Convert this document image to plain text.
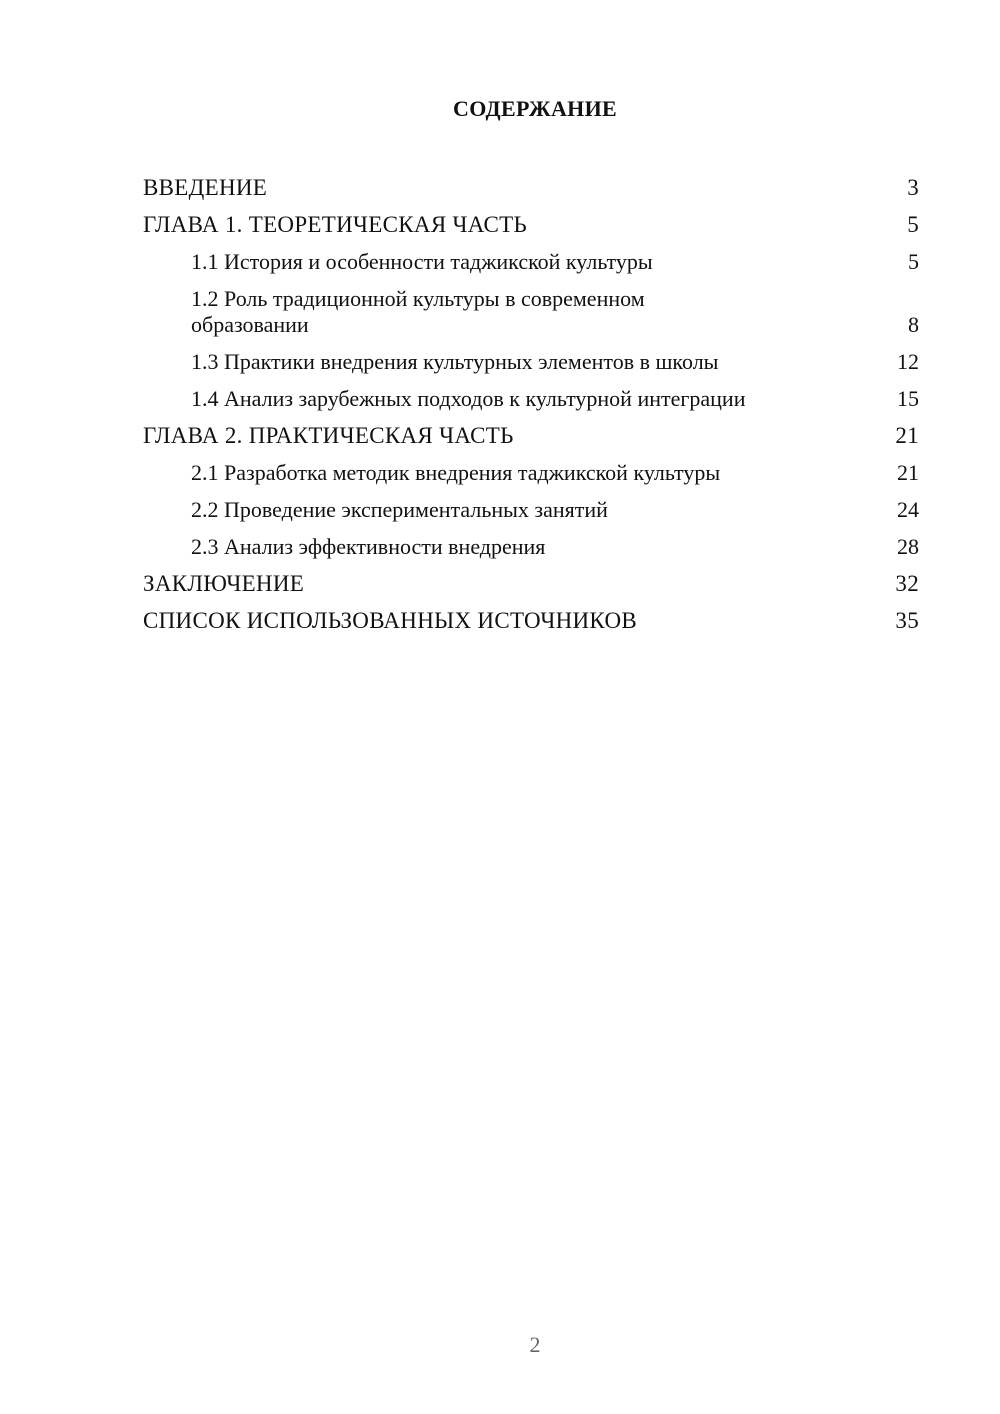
СОДЕРЖАНИЕ
ВВЕДЕНИЕ	3
ГЛАВА 1. ТЕОРЕТИЧЕСКАЯ ЧАСТЬ	5
1.1 История и особенности таджикской культуры	5
1.2 Роль традиционной культуры в современном образовании	8
1.3 Практики внедрения культурных элементов в школы	12
1.4 Анализ зарубежных подходов к культурной интеграции	15
ГЛАВА 2. ПРАКТИЧЕСКАЯ ЧАСТЬ	21
2.1 Разработка методик внедрения таджикской культуры	21
2.2 Проведение экспериментальных занятий	24
2.3 Анализ эффективности внедрения	28
ЗАКЛЮЧЕНИЕ	32
СПИСОК ИСПОЛЬЗОВАННЫХ ИСТОЧНИКОВ	35
2
